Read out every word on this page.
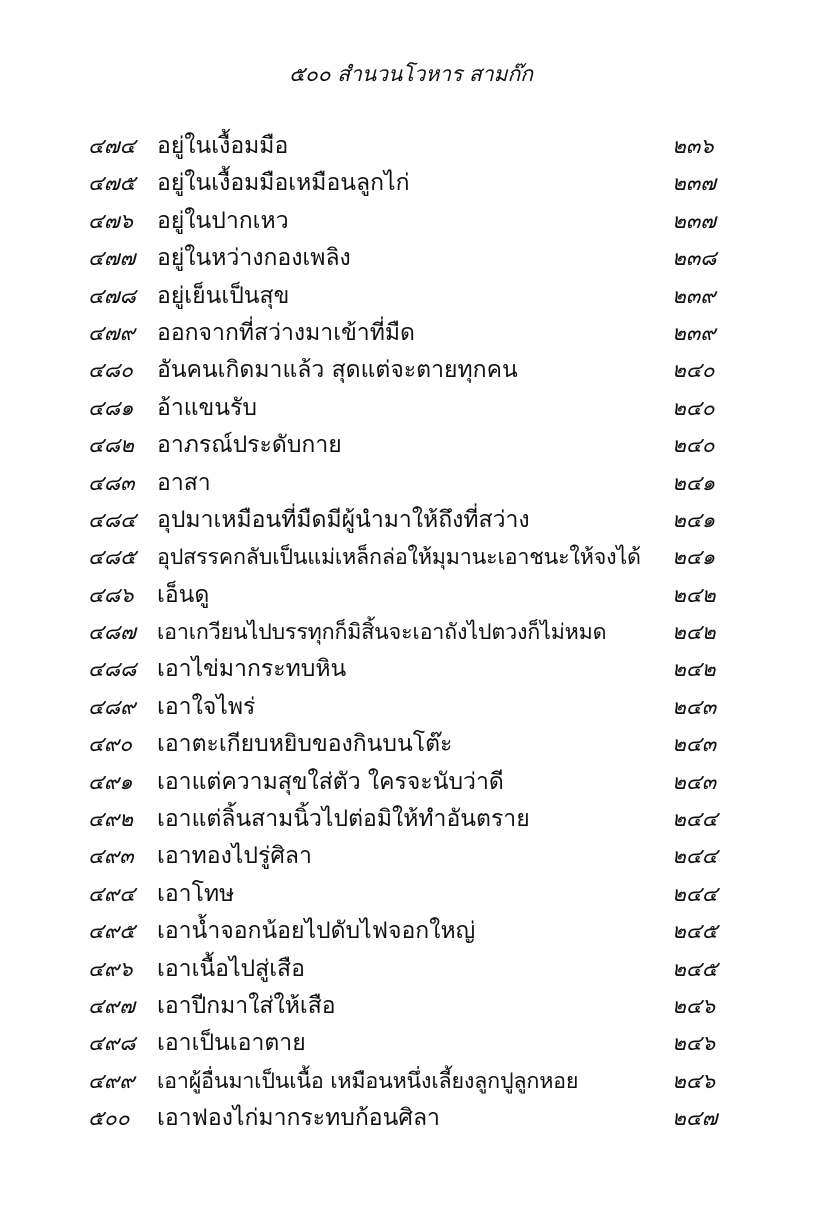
๕๐๐ สำนวนโวหาร สามก๊ก
๔๗๔ อยู่ในเงื้อมมือ	๒๓๖
๔๗๕ อยู่ในเงื้อมมือเหมือนลูกไก่	๒๓๗
๔๗๖ อยู่ในปากเหว	๒๓๗
๔๗๗ อยู่ในหว่างกองเพลิง	๒๓๘
๔๗๘ อยู่เย็นเป็นสุข	๒๓๙
๔๗๙ ออกจากที่สว่างมาเข้าที่มืด	๒๓๙
๔๘๐ อันคนเกิดมาแล้ว สุดแต่จะตายทุกคน	๒๔๐
๔๘๑ อ้าแขนรับ	๒๔๐
๔๘๒ อาภรณ์ประดับกาย	๒๔๐
๔๘๓ อาสา	๒๔๑
๔๘๔ อุปมาเหมือนที่มืดมีผู้นำมาให้ถึงที่สว่าง	๒๔๑
๔๘๕ อุปสรรคกลับเป็นแม่เหล็กล่อให้มุมานะเอาชนะให้จงได้ ๒๔๑
๔๘๖ เอ็นดู	๒๔๒
๔๘๗ เอาเกวียนไปบรรทุกก็มิสิ้นจะเอาถังไปตวงก็ไม่หมด	๒๔๒
๔๘๘ เอาไข่มากระทบหิน	๒๔๒
๔๘๙ เอาใจไพร่	๒๔๓
๔๙๐ เอาตะเกียบหยิบของกินบนโต๊ะ	๒๔๓
๔๙๑ เอาแต่ความสุขใส่ตัว ใครจะนับว่าดี	๒๔๓
๔๙๒ เอาแต่ลิ้นสามนิ้วไปต่อมิให้ทำอันตราย	๒๔๔
๔๙๓ เอาทองไปรู่ศิลา	๒๔๔
๔๙๔ เอาโทษ	๒๔๔
๔๙๕ เอาน้ำจอกน้อยไปดับไฟจอกใหญ่	๒๔๕
๔๙๖ เอาเนื้อไปสู่เสือ	๒๔๕
๔๙๗ เอาปีกมาใส่ให้เสือ	๒๔๖
๔๙๘ เอาเป็นเอาตาย	๒๔๖
๔๙๙ เอาผู้อื่นมาเป็นเนื้อ เหมือนหนึ่งเลี้ยงลูกปูลูกหอย	๒๔๖
๕๐๐ เอาฟองไก่มากระทบก้อนศิลา	๒๔๗
